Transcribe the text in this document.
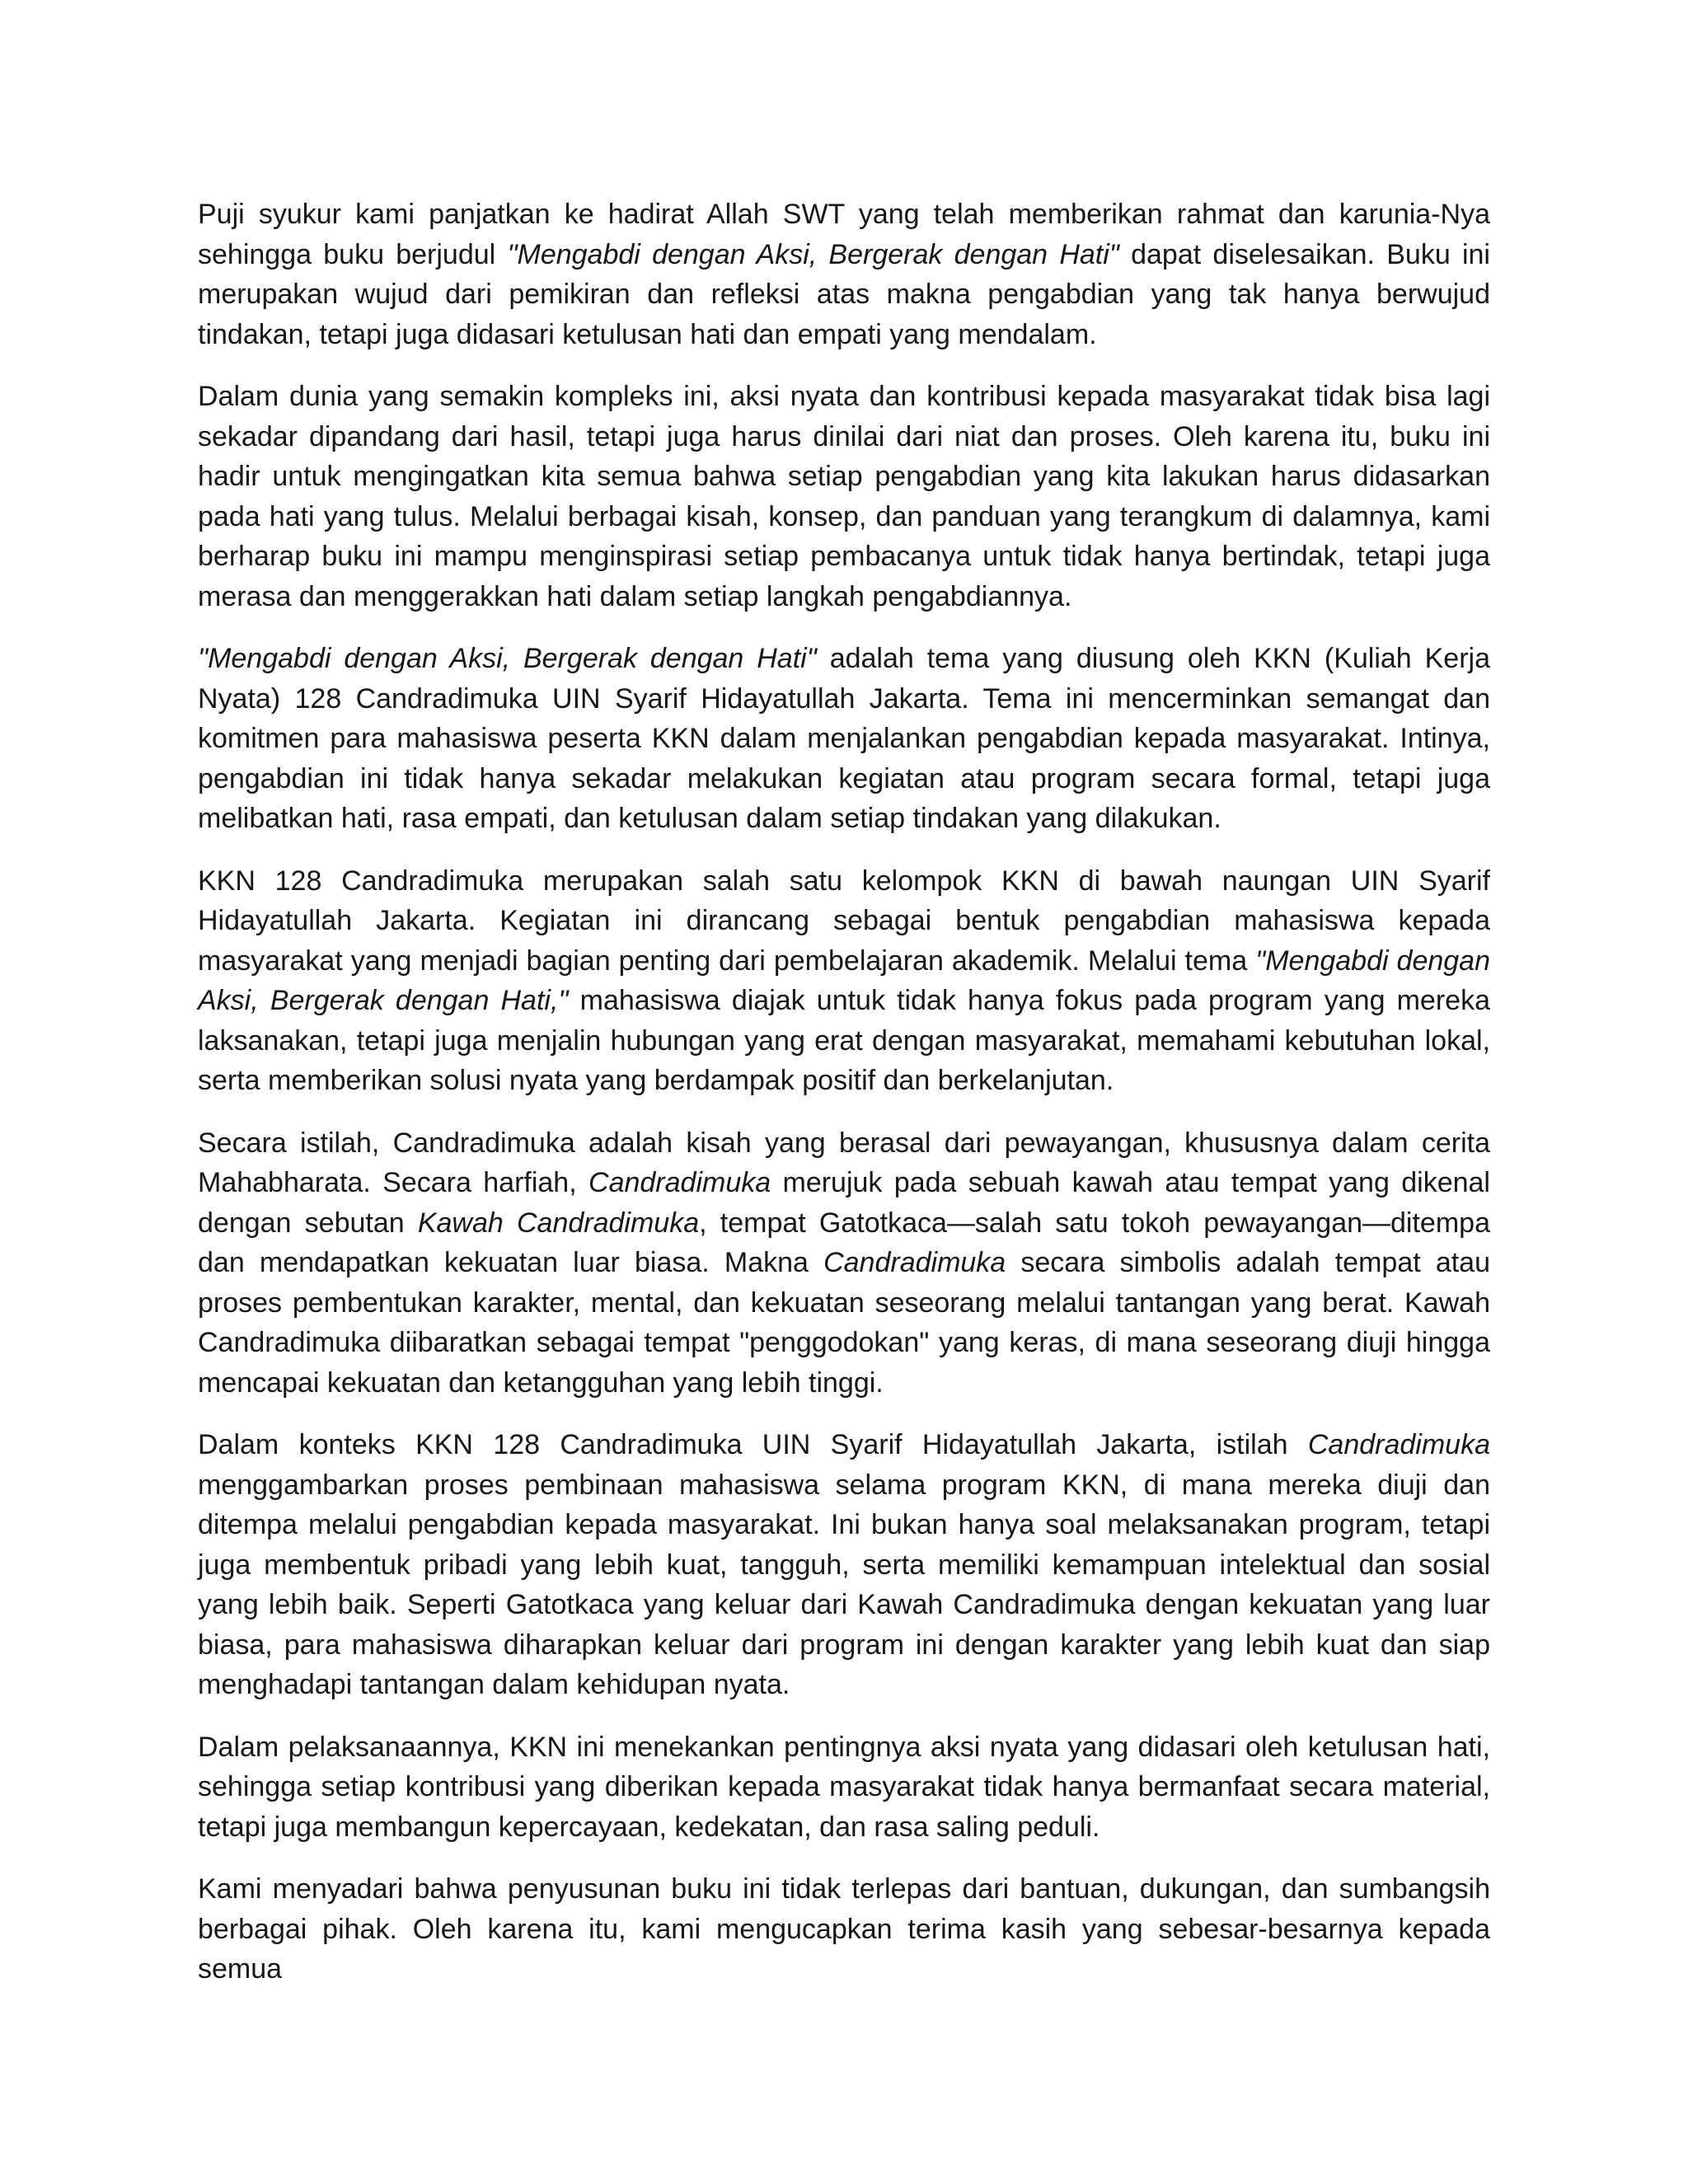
Puji syukur kami panjatkan ke hadirat Allah SWT yang telah memberikan rahmat dan karunia-Nya sehingga buku berjudul "Mengabdi dengan Aksi, Bergerak dengan Hati" dapat diselesaikan. Buku ini merupakan wujud dari pemikiran dan refleksi atas makna pengabdian yang tak hanya berwujud tindakan, tetapi juga didasari ketulusan hati dan empati yang mendalam.

Dalam dunia yang semakin kompleks ini, aksi nyata dan kontribusi kepada masyarakat tidak bisa lagi sekadar dipandang dari hasil, tetapi juga harus dinilai dari niat dan proses. Oleh karena itu, buku ini hadir untuk mengingatkan kita semua bahwa setiap pengabdian yang kita lakukan harus didasarkan pada hati yang tulus. Melalui berbagai kisah, konsep, dan panduan yang terangkum di dalamnya, kami berharap buku ini mampu menginspirasi setiap pembacanya untuk tidak hanya bertindak, tetapi juga merasa dan menggerakkan hati dalam setiap langkah pengabdiannya.

"Mengabdi dengan Aksi, Bergerak dengan Hati" adalah tema yang diusung oleh KKN (Kuliah Kerja Nyata) 128 Candradimuka UIN Syarif Hidayatullah Jakarta. Tema ini mencerminkan semangat dan komitmen para mahasiswa peserta KKN dalam menjalankan pengabdian kepada masyarakat. Intinya, pengabdian ini tidak hanya sekadar melakukan kegiatan atau program secara formal, tetapi juga melibatkan hati, rasa empati, dan ketulusan dalam setiap tindakan yang dilakukan.

KKN 128 Candradimuka merupakan salah satu kelompok KKN di bawah naungan UIN Syarif Hidayatullah Jakarta. Kegiatan ini dirancang sebagai bentuk pengabdian mahasiswa kepada masyarakat yang menjadi bagian penting dari pembelajaran akademik. Melalui tema "Mengabdi dengan Aksi, Bergerak dengan Hati," mahasiswa diajak untuk tidak hanya fokus pada program yang mereka laksanakan, tetapi juga menjalin hubungan yang erat dengan masyarakat, memahami kebutuhan lokal, serta memberikan solusi nyata yang berdampak positif dan berkelanjutan.

Secara istilah, Candradimuka adalah kisah yang berasal dari pewayangan, khususnya dalam cerita Mahabharata. Secara harfiah, Candradimuka merujuk pada sebuah kawah atau tempat yang dikenal dengan sebutan Kawah Candradimuka, tempat Gatotkaca—salah satu tokoh pewayangan—ditempa dan mendapatkan kekuatan luar biasa. Makna Candradimuka secara simbolis adalah tempat atau proses pembentukan karakter, mental, dan kekuatan seseorang melalui tantangan yang berat. Kawah Candradimuka diibaratkan sebagai tempat "penggodokan" yang keras, di mana seseorang diuji hingga mencapai kekuatan dan ketangguhan yang lebih tinggi.

Dalam konteks KKN 128 Candradimuka UIN Syarif Hidayatullah Jakarta, istilah Candradimuka menggambarkan proses pembinaan mahasiswa selama program KKN, di mana mereka diuji dan ditempa melalui pengabdian kepada masyarakat. Ini bukan hanya soal melaksanakan program, tetapi juga membentuk pribadi yang lebih kuat, tangguh, serta memiliki kemampuan intelektual dan sosial yang lebih baik. Seperti Gatotkaca yang keluar dari Kawah Candradimuka dengan kekuatan yang luar biasa, para mahasiswa diharapkan keluar dari program ini dengan karakter yang lebih kuat dan siap menghadapi tantangan dalam kehidupan nyata.

Dalam pelaksanaannya, KKN ini menekankan pentingnya aksi nyata yang didasari oleh ketulusan hati, sehingga setiap kontribusi yang diberikan kepada masyarakat tidak hanya bermanfaat secara material, tetapi juga membangun kepercayaan, kedekatan, dan rasa saling peduli.

Kami menyadari bahwa penyusunan buku ini tidak terlepas dari bantuan, dukungan, dan sumbangsih berbagai pihak. Oleh karena itu, kami mengucapkan terima kasih yang sebesar-besarnya kepada semua
